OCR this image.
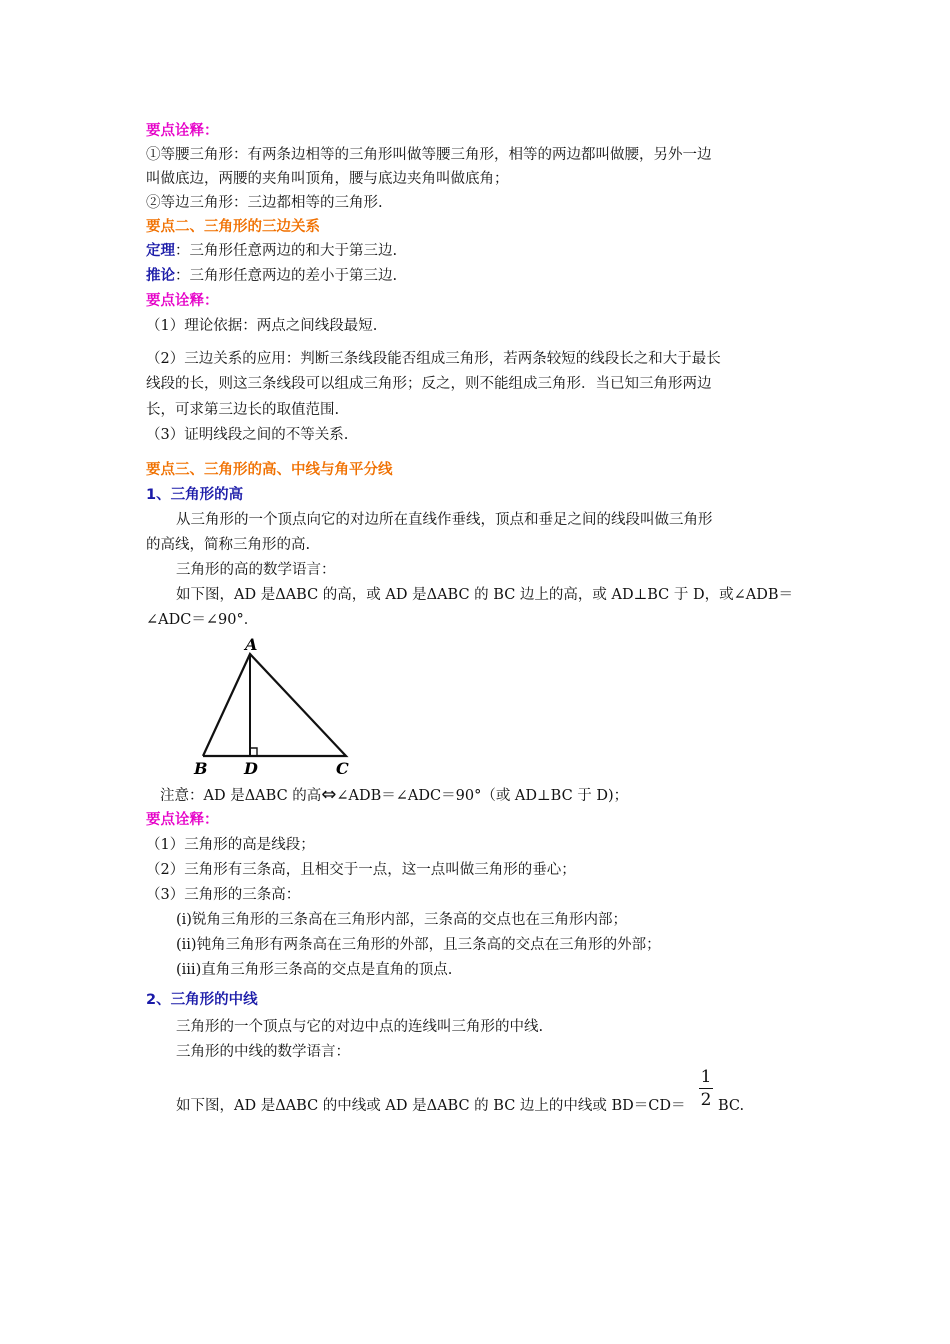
要点诠释：
①等腰三角形：有两条边相等的三角形叫做等腰三角形，相等的两边都叫做腰，另外一边
叫做底边，两腰的夹角叫顶角，腰与底边夹角叫做底角；
②等边三角形：三边都相等的三角形.
要点二、三角形的三边关系
定理：三角形任意两边的和大于第三边.
推论：三角形任意两边的差小于第三边.
要点诠释：
（1）理论依据：两点之间线段最短.
（2）三边关系的应用：判断三条线段能否组成三角形，若两条较短的线段长之和大于最长
线段的长，则这三条线段可以组成三角形；反之，则不能组成三角形．当已知三角形两边
长，可求第三边长的取值范围.
（3）证明线段之间的不等关系.
要点三、三角形的高、中线与角平分线
1、三角形的高
从三角形的一个顶点向它的对边所在直线作垂线，顶点和垂足之间的线段叫做三角形
的高线，简称三角形的高.
三角形的高的数学语言：
如下图，AD 是ΔABC 的高，或 AD 是ΔABC 的 BC 边上的高，或 AD⊥BC 于 D，或∠ADB＝
∠ADC＝∠90°．
A
B D	C
注意：AD 是ΔABC 的高⇔∠ADB＝∠ADC＝90°（或 AD⊥BC 于 D)；
要点诠释：
（1）三角形的高是线段；
（2）三角形有三条高，且相交于一点，这一点叫做三角形的垂心；
（3）三角形的三条高：
(ⅰ)锐角三角形的三条高在三角形内部，三条高的交点也在三角形内部；
(ⅱ)钝角三角形有两条高在三角形的外部，且三条高的交点在三角形的外部；
(ⅲ)直角三角形三条高的交点是直角的顶点.
2、三角形的中线
三角形的一个顶点与它的对边中点的连线叫三角形的中线.
三角形的中线的数学语言：
如下图，AD 是ΔABC 的中线或 AD 是ΔABC 的 BC 边上的中线或 BD＝CD＝
1
2 BC.
